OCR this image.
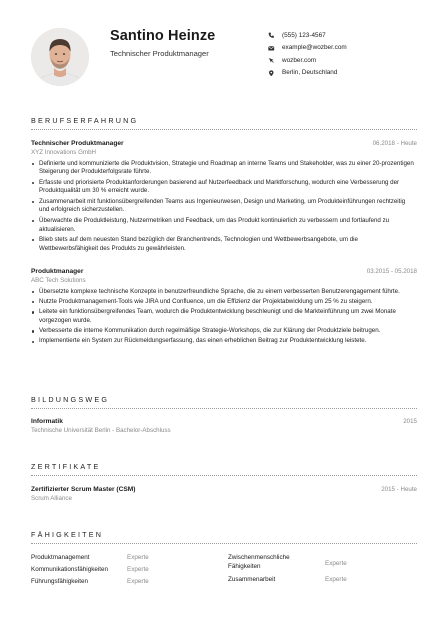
Santino Heinze
Technischer Produktmanager
(555) 123-4567
example@wozber.com
wozber.com
Berlin, Deutschland
BERUFSERFAHRUNG
Technischer Produktmanager	06.2018 - Heute
XYZ Innovations GmbH
Definierte und kommunizierte die Produktvision, Strategie und Roadmap an interne Teams und Stakeholder, was zu einer 20-prozentigen Steigerung der Produkterfolgsrate führte.
Erfasste und priorisierte Produktanforderungen basierend auf Nutzerfeedback und Marktforschung, wodurch eine Verbesserung der Produktqualität um 30 % erreicht wurde.
Zusammenarbeit mit funktionsübergreifenden Teams aus Ingenieurwesen, Design und Marketing, um Produkteinführungen rechtzeitig und erfolgreich sicherzustellen.
Überwachte die Produktleistung, Nutzermetriken und Feedback, um das Produkt kontinuierlich zu verbessern und fortlaufend zu aktualisieren.
Blieb stets auf dem neuesten Stand bezüglich der Branchentrends, Technologien und Wettbewerbsangebote, um die Wettbewerbsfähigkeit des Produkts zu gewährleisten.
Produktmanager	03.2015 - 05.2018
ABC Tech Solutions
Übersetzte komplexe technische Konzepte in benutzerfreundliche Sprache, die zu einem verbesserten Benutzerengagement führte.
Nutzte Produktmanagement-Tools wie JIRA und Confluence, um die Effizienz der Projektabwicklung um 25 % zu steigern.
Leitete ein funktionsübergreifendes Team, wodurch die Produktentwicklung beschleunigt und die Markteinführung um zwei Monate vorgezogen wurde.
Verbesserte die interne Kommunikation durch regelmäßige Strategie-Workshops, die zur Klärung der Produktziele beitrugen.
Implementierte ein System zur Rückmeldungserfassung, das einen erheblichen Beitrag zur Produktentwicklung leistete.
BILDUNGSWEG
Informatik	2015
Technische Universität Berlin - Bachelor-Abschluss
ZERTIFIKATE
Zertifizierter Scrum Master (CSM)	2015 - Heute
Scrum Alliance
FÄHIGKEITEN
Produktmanagement	Experte
Kommunikationsfähigkeiten	Experte
Führungsfähigkeiten	Experte
Zwischenmenschliche Fähigkeiten	Experte
Zusammenarbeit	Experte
